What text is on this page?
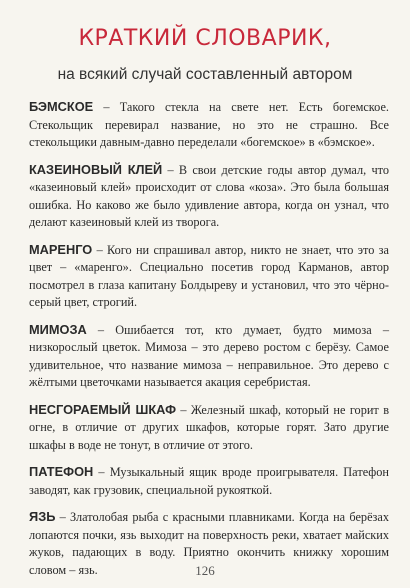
КРАТКИЙ СЛОВАРИК,
на всякий случай составленный автором

БЭМСКОЕ – Такого стекла на свете нет. Есть богемское. Стекольщик перевирал название, но это не страшно. Все стекольщики давным-давно переделали «богемское» в «бэмское».

КАЗЕИНОВЫЙ КЛЕЙ – В свои детские годы автор думал, что «казеиновый клей» происходит от слова «коза». Это была большая ошибка. Но каково же было удивление автора, когда он узнал, что делают казеиновый клей из творога.

МАРЕНГО – Кого ни спрашивал автор, никто не знает, что это за цвет – «маренго». Специально посетив город Карманов, автор посмотрел в глаза капитану Болдыреву и установил, что это чёрно-серый цвет, строгий.

МИМОЗА – Ошибается тот, кто думает, будто мимоза – низкорослый цветок. Мимоза – это дерево ростом с берёзу. Самое удивительное, что название мимоза – неправильное. Это дерево с жёлтыми цветочками называется акация серебристая.

НЕСГОРАЕМЫЙ ШКАФ – Железный шкаф, который не горит в огне, в отличие от других шкафов, которые горят. Зато другие шкафы в воде не тонут, в отличие от этого.

ПАТЕФОН – Музыкальный ящик вроде проигрывателя. Патефон заводят, как грузовик, специальной рукояткой.

ЯЗЬ – Златолобая рыба с красными плавниками. Когда на берёзах лопаются почки, язь выходит на поверхность реки, хватает майских жуков, падающих в воду. Приятно окончить книжку хорошим словом – язь.	126
